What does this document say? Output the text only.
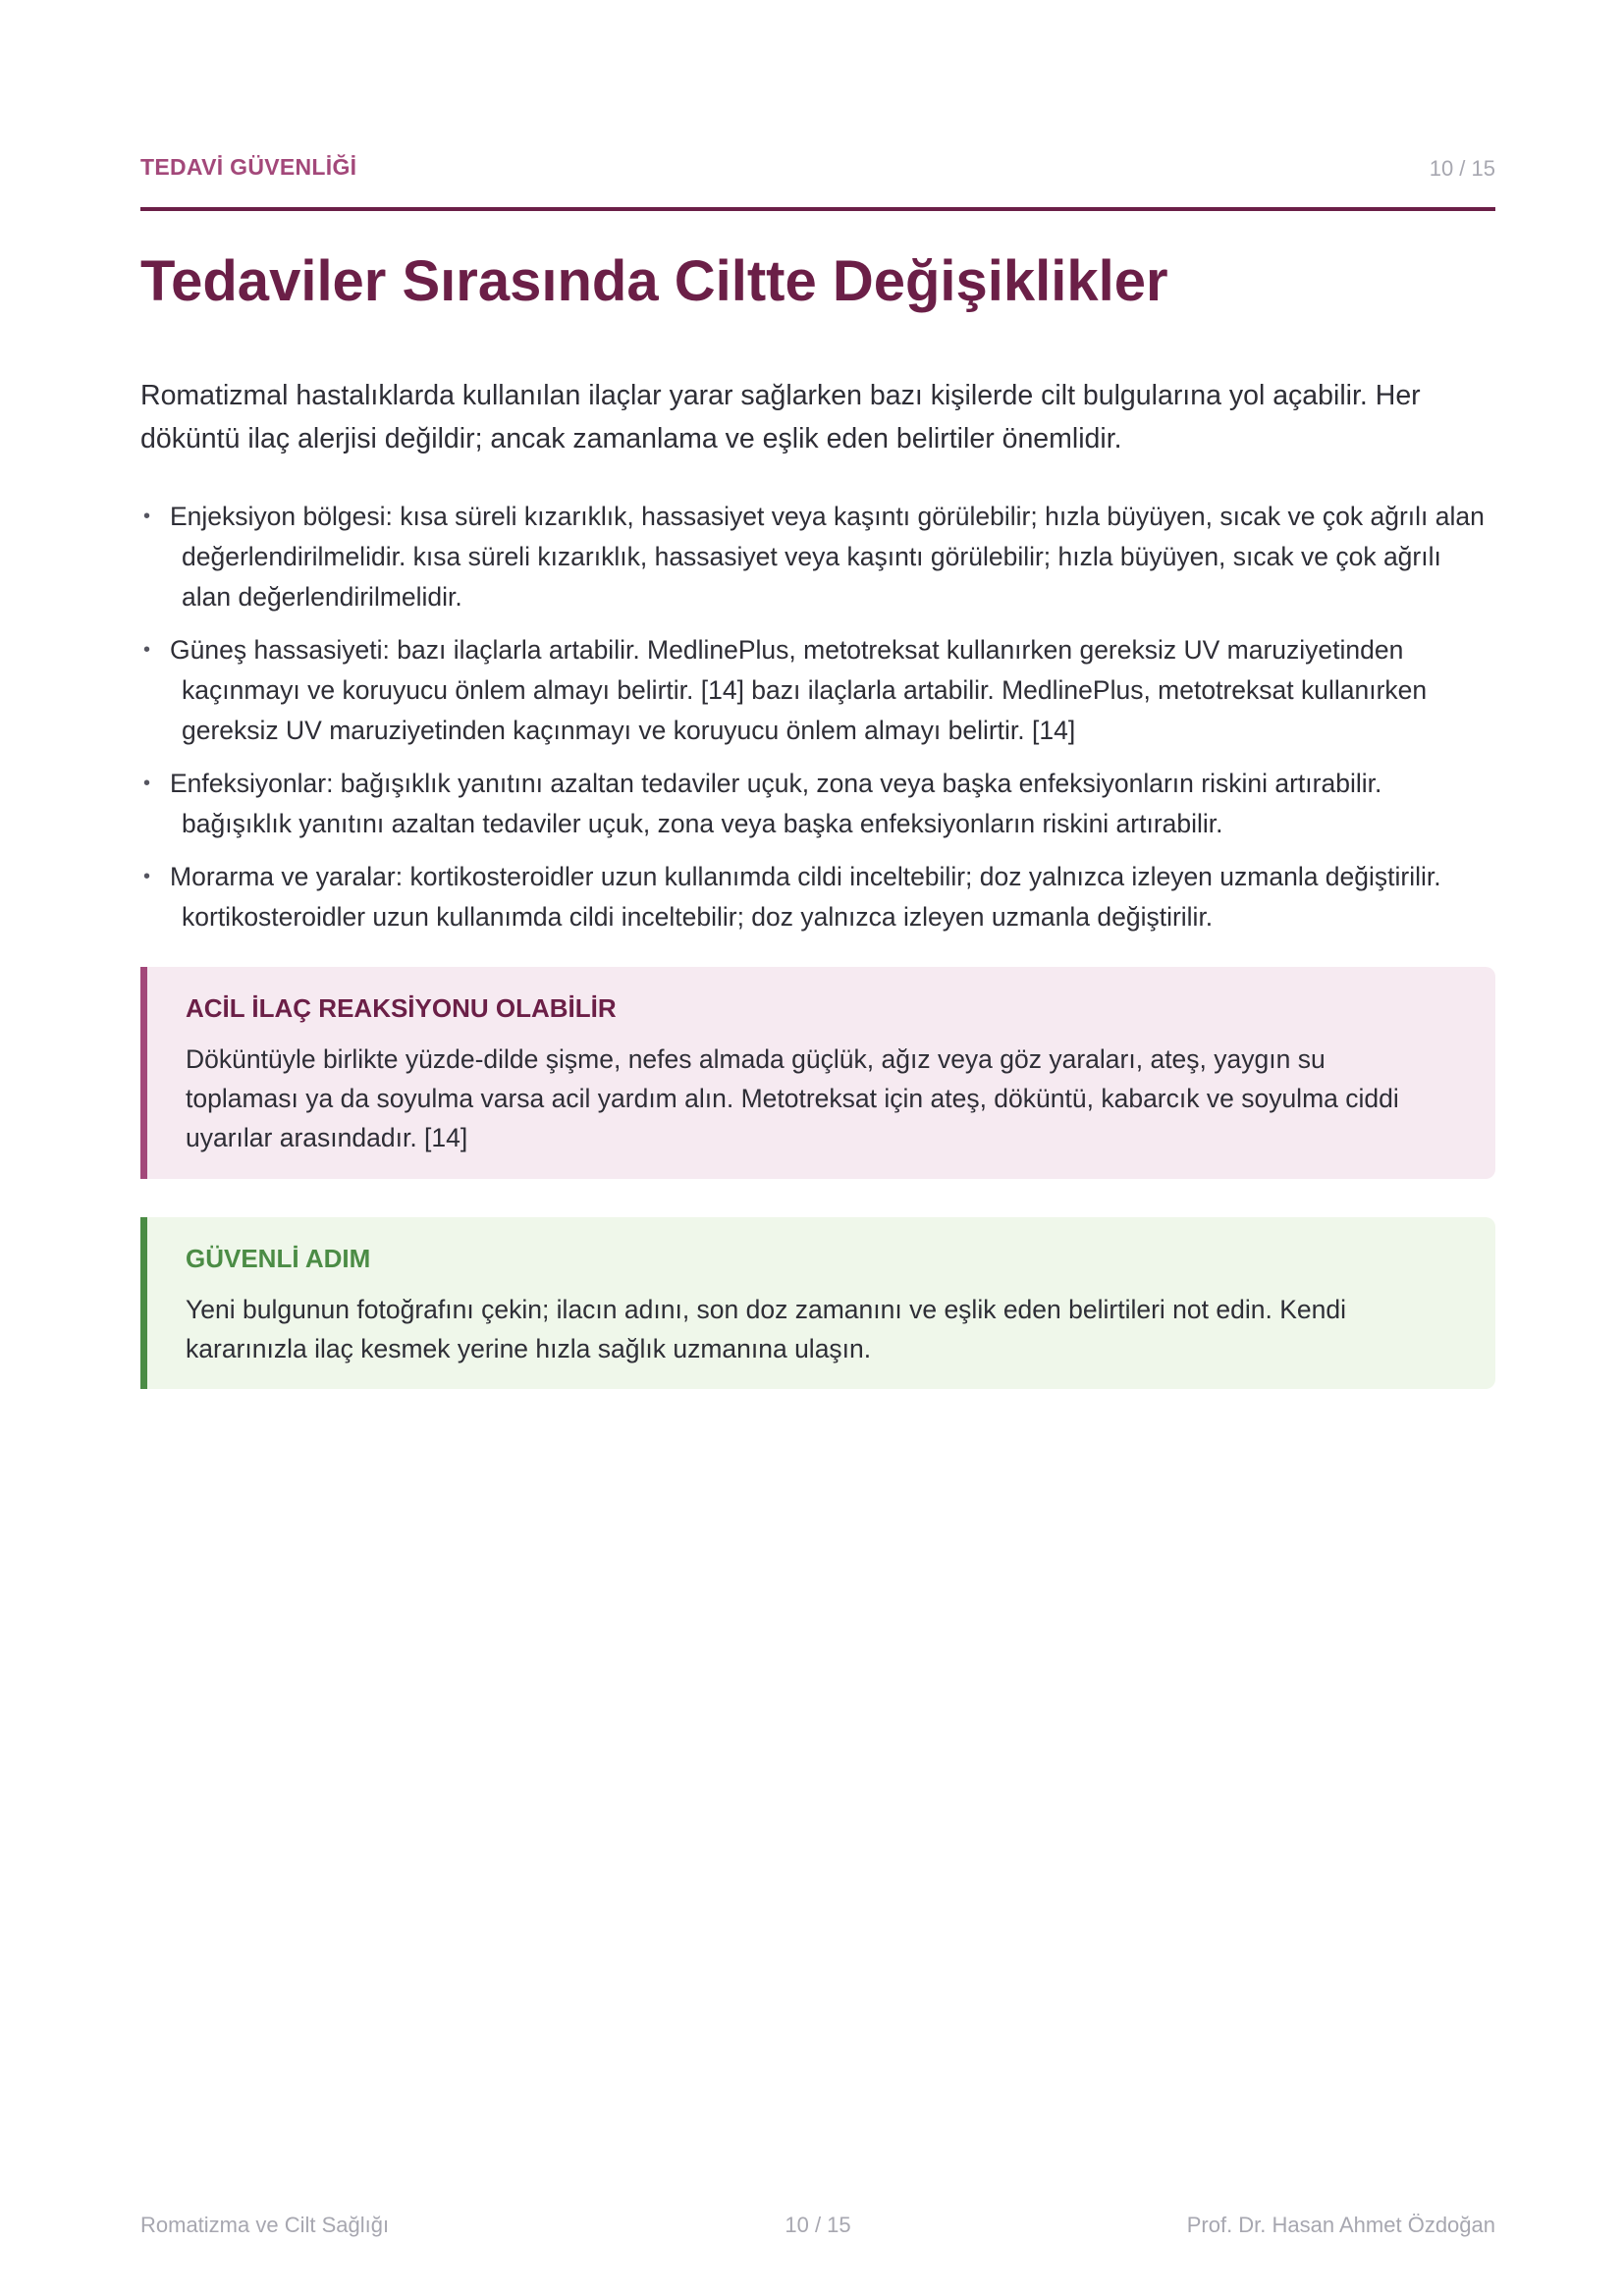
TEDAVİ GÜVENLİĞİ	10 / 15
Tedaviler Sırasında Ciltte Değişiklikler

Romatizmal hastalıklarda kullanılan ilaçlar yarar sağlarken bazı kişilerde cilt bulgularına yol açabilir. Her döküntü ilaç alerjisi değildir; ancak zamanlama ve eşlik eden belirtiler önemlidir.

• Enjeksiyon bölgesi: kısa süreli kızarıklık, hassasiyet veya kaşıntı görülebilir; hızla büyüyen, sıcak ve çok ağrılı alan değerlendirilmelidir. kısa süreli kızarıklık, hassasiyet veya kaşıntı görülebilir; hızla büyüyen, sıcak ve çok ağrılı alan değerlendirilmelidir.
• Güneş hassasiyeti: bazı ilaçlarla artabilir. MedlinePlus, metotreksat kullanırken gereksiz UV maruziyetinden kaçınmayı ve koruyucu önlem almayı belirtir. [14] bazı ilaçlarla artabilir. MedlinePlus, metotreksat kullanırken gereksiz UV maruziyetinden kaçınmayı ve koruyucu önlem almayı belirtir. [14]
• Enfeksiyonlar: bağışıklık yanıtını azaltan tedaviler uçuk, zona veya başka enfeksiyonların riskini artırabilir. bağışıklık yanıtını azaltan tedaviler uçuk, zona veya başka enfeksiyonların riskini artırabilir.
• Morarma ve yaralar: kortikosteroidler uzun kullanımda cildi inceltebilir; doz yalnızca izleyen uzmanla değiştirilir. kortikosteroidler uzun kullanımda cildi inceltebilir; doz yalnızca izleyen uzmanla değiştirilir.
ACİL İLAÇ REAKSİYONU OLABİLİR
Döküntüyle birlikte yüzde-dilde şişme, nefes almada güçlük, ağız veya göz yaraları, ateş, yaygın su toplaması ya da soyulma varsa acil yardım alın. Metotreksat için ateş, döküntü, kabarcık ve soyulma ciddi uyarılar arasındadır. [14]
GÜVENLİ ADIM
Yeni bulgunun fotoğrafını çekin; ilacın adını, son doz zamanını ve eşlik eden belirtileri not edin. Kendi kararınızla ilaç kesmek yerine hızla sağlık uzmanına ulaşın.
Romatizma ve Cilt Sağlığı	10 / 15	Prof. Dr. Hasan Ahmet Özdoğan
